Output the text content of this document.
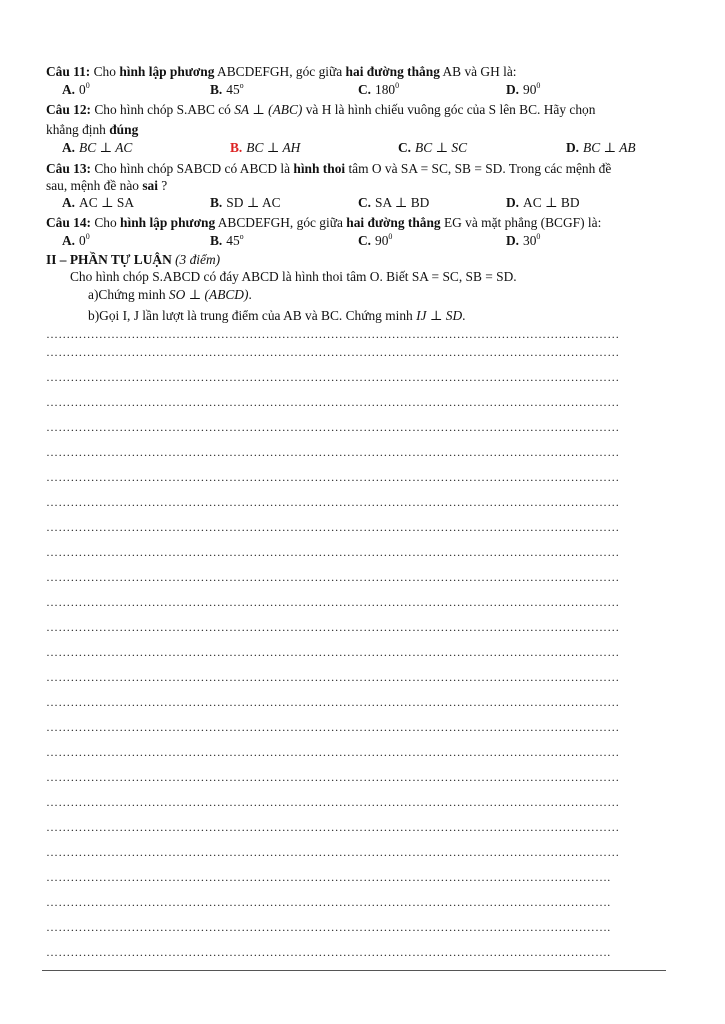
Câu 11: Cho hình lập phương ABCDEFGH, góc giữa hai đường thẳng AB và GH là:
A. $0^0$	B. 45$^o$	C. $180^0$	D. $90^0$
Câu 12: Cho hình chóp S.ABC có SA ⊥ (ABC) và H là hình chiếu vuông góc của S lên BC. Hãy chọn
khẳng định đúng
A. BC ⊥ AC	B. BC ⊥ AH	C. BC ⊥ SC	D. BC ⊥ AB
Câu 13: Cho hình chóp SABCD có ABCD là hình thoi tâm O và SA = SC, SB = SD. Trong các mệnh đề
sau, mệnh đề nào sai ?
A. AC ⊥ SA	B. SD ⊥ AC	C. SA ⊥ BD	D. AC ⊥ BD
Câu 14: Cho hình lập phương ABCDEFGH, góc giữa hai đường thẳng EG và mặt phẳng (BCGF) là:
A. $0^0$	B. 45$^o$	C. $90^0$	D. $30^0$
II – PHẦN TỰ LUẬN (3 điểm)
Cho hình chóp S.ABCD có đáy ABCD là hình thoi tâm O. Biết SA = SC, SB = SD.
a)Chứng minh SO ⊥ (ABCD).
b)Gọi I, J lần lượt là trung điểm của AB và BC. Chứng minh IJ ⊥ SD.
……………………………………………………………………………………………………………………………
……………………………………………………………………………………………………………………………
……………………………………………………………………………………………………………………………
……………………………………………………………………………………………………………………………
……………………………………………………………………………………………………………………………
……………………………………………………………………………………………………………………………
……………………………………………………………………………………………………………………………
……………………………………………………………………………………………………………………………
……………………………………………………………………………………………………………………………
……………………………………………………………………………………………………………………………
……………………………………………………………………………………………………………………………
……………………………………………………………………………………………………………………………
……………………………………………………………………………………………………………………………
……………………………………………………………………………………………………………………………
……………………………………………………………………………………………………………………………
……………………………………………………………………………………………………………………………
……………………………………………………………………………………………………………………………
……………………………………………………………………………………………………………………………
……………………………………………………………………………………………………………………………
……………………………………………………………………………………………………………………………
……………………………………………………………………………………………………………………………
……………………………………………………………………………………………………………………………
………………………………………………………………………………………………………………………….
………………………………………………………………………………………………………………………….
………………………………………………………………………………………………………………………….
………………………………………………………………………………………………………………………….
